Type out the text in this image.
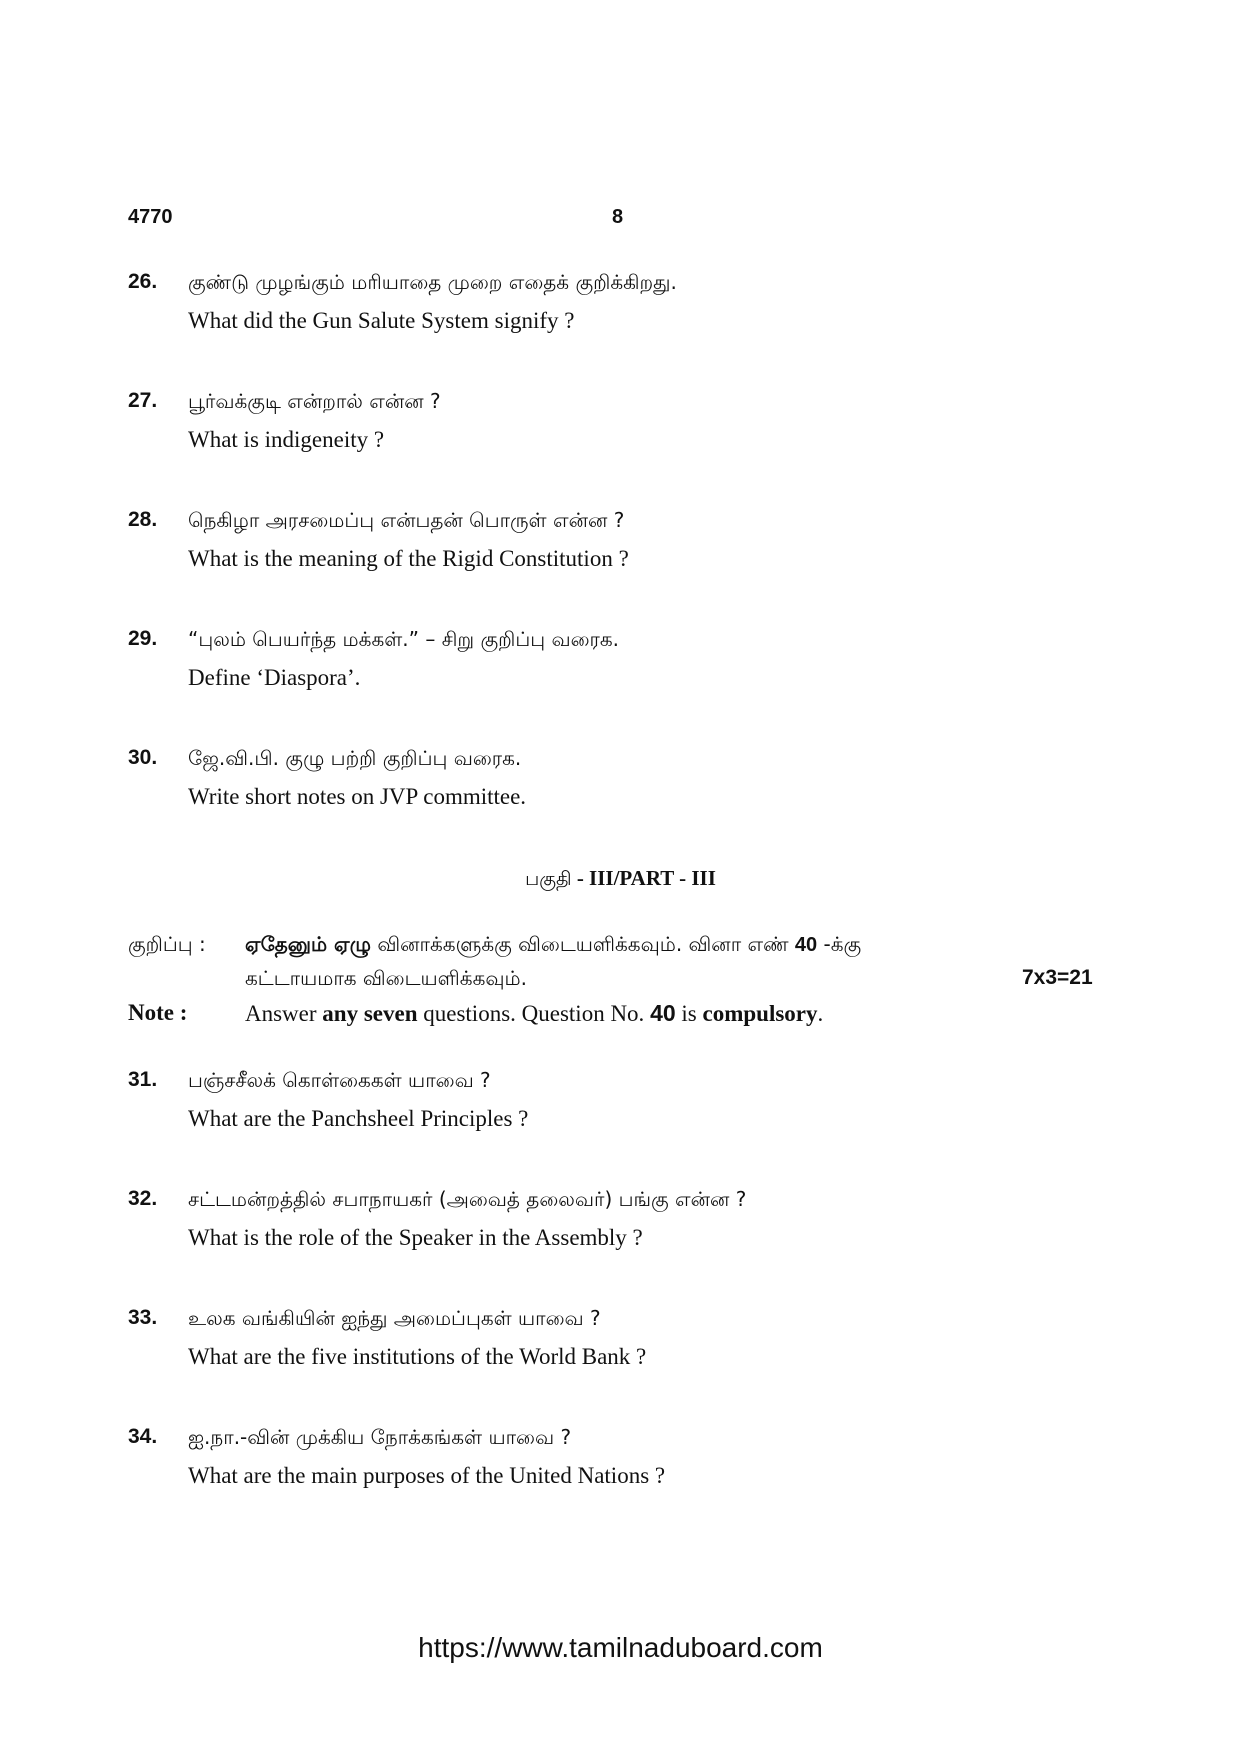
4770	8
26. குண்டு முழங்கும் மரியாதை முறை எதைக் குறிக்கிறது.
What did the Gun Salute System signify ?
27. பூர்வக்குடி என்றால் என்ன ?
What is indigeneity ?
28. நெகிழா அரசமைப்பு என்பதன் பொருள் என்ன ?
What is the meaning of the Rigid Constitution ?
29. “புலம் பெயர்ந்த மக்கள்.” – சிறு குறிப்பு வரைக.
Define ‘Diaspora’.
30. ஜே.வி.பி. குழு பற்றி குறிப்பு வரைக.
Write short notes on JVP committee.
பகுதி - III/PART - III
குறிப்பு : ஏதேனும் ஏழு வினாக்களுக்கு விடையளிக்கவும். வினா எண் 40 -க்கு
கட்டாயமாக விடையளிக்கவும்.	7x3=21
Note :	Answer any seven questions. Question No. 40 is compulsory.
31. பஞ்சசீலக் கொள்கைகள் யாவை ?
What are the Panchsheel Principles ?
32. சட்டமன்றத்தில் சபாநாயகர் (அவைத் தலைவர்) பங்கு என்ன ?
What is the role of the Speaker in the Assembly ?
33. உலக வங்கியின் ஐந்து அமைப்புகள் யாவை ?
What are the five institutions of the World Bank ?
34. ஐ.நா.-வின் முக்கிய நோக்கங்கள் யாவை ?
What are the main purposes of the United Nations ?
https://www.tamilnaduboard.com
